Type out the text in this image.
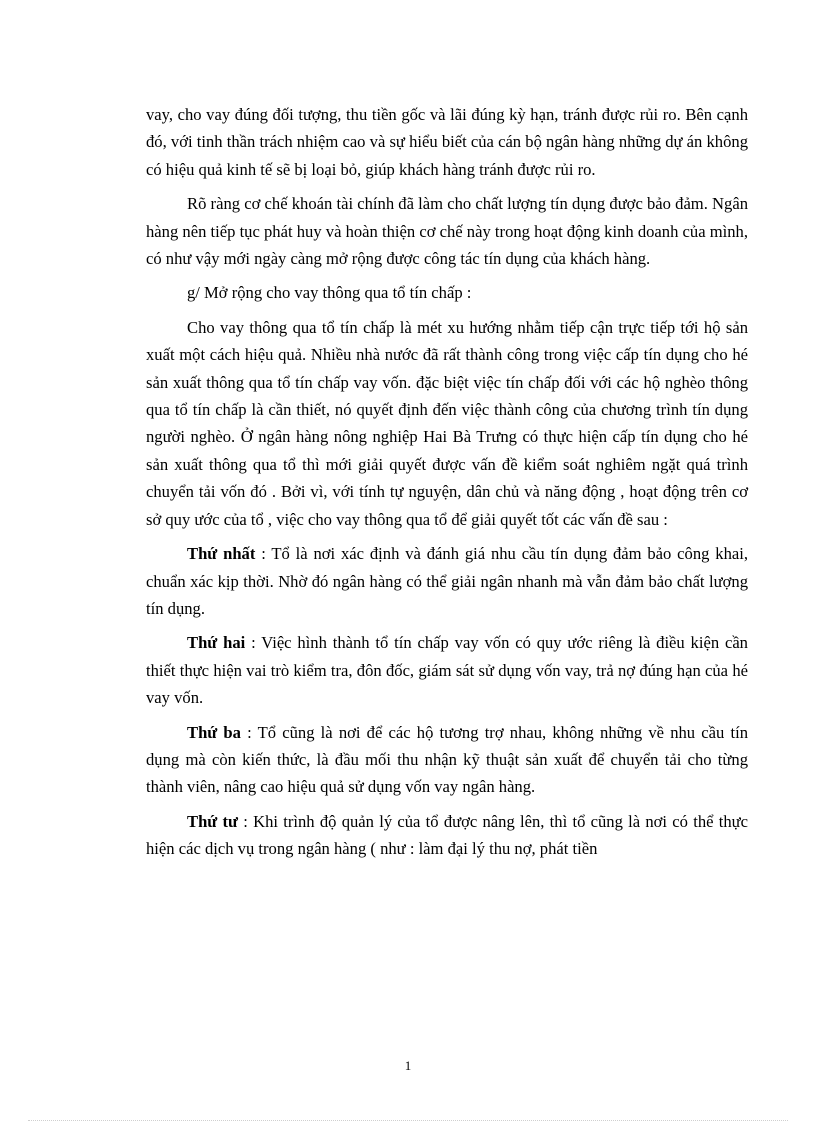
vay, cho vay đúng đối tượng, thu tiền gốc và lãi đúng kỳ hạn, tránh được rủi ro. Bên cạnh đó, với tinh thần trách nhiệm cao và sự hiểu biết của cán bộ ngân hàng những dự án không có hiệu quả kinh tế sẽ bị loại bỏ, giúp khách hàng tránh được rủi ro.

Rõ ràng cơ chế khoán tài chính đã làm cho chất lượng tín dụng được bảo đảm. Ngân hàng nên tiếp tục phát huy và hoàn thiện cơ chế này trong hoạt động kinh doanh của mình, có như vậy mới ngày càng mở rộng được công tác tín dụng của khách hàng.

g/ Mở rộng cho vay thông qua tổ tín chấp :

Cho vay thông qua tổ tín chấp là mét xu hướng nhằm tiếp cận trực tiếp tới hộ sản xuất một cách hiệu quả. Nhiều nhà nước đã rất thành công trong việc cấp tín dụng cho hé sản xuất thông qua tổ tín chấp vay vốn. đặc biệt việc tín chấp đối với các hộ nghèo thông qua tổ tín chấp là cần thiết, nó quyết định đến việc thành công của chương trình tín dụng người nghèo. Ở ngân hàng nông nghiệp Hai Bà Trưng có thực hiện cấp tín dụng cho hé sản xuất thông qua tổ thì mới giải quyết được vấn đề kiểm soát nghiêm ngặt quá trình chuyển tải vốn đó . Bởi vì, với tính tự nguyện, dân chủ và năng động , hoạt động trên cơ sở quy ước của tổ , việc cho vay thông qua tổ để giải quyết tốt các vấn đề sau :

Thứ nhất : Tổ là nơi xác định và đánh giá nhu cầu tín dụng đảm bảo công khai, chuẩn xác kịp thời. Nhờ đó ngân hàng có thể giải ngân nhanh mà vẫn đảm bảo chất lượng tín dụng.

Thứ hai : Việc hình thành tổ tín chấp vay vốn có quy ước riêng là điều kiện cần thiết thực hiện vai trò kiểm tra, đôn đốc, giám sát sử dụng vốn vay, trả nợ đúng hạn của hé vay vốn.

Thứ ba : Tổ cũng là nơi để các hộ tương trợ nhau, không những về nhu cầu tín dụng mà còn kiến thức, là đầu mối thu nhận kỹ thuật sản xuất để chuyển tải cho từng thành viên, nâng cao hiệu quả sử dụng vốn vay ngân hàng.

Thứ tư : Khi trình độ quản lý của tổ được nâng lên, thì tổ cũng là nơi có thể thực hiện các dịch vụ trong ngân hàng ( như : làm đại lý thu nợ, phát tiền

1
